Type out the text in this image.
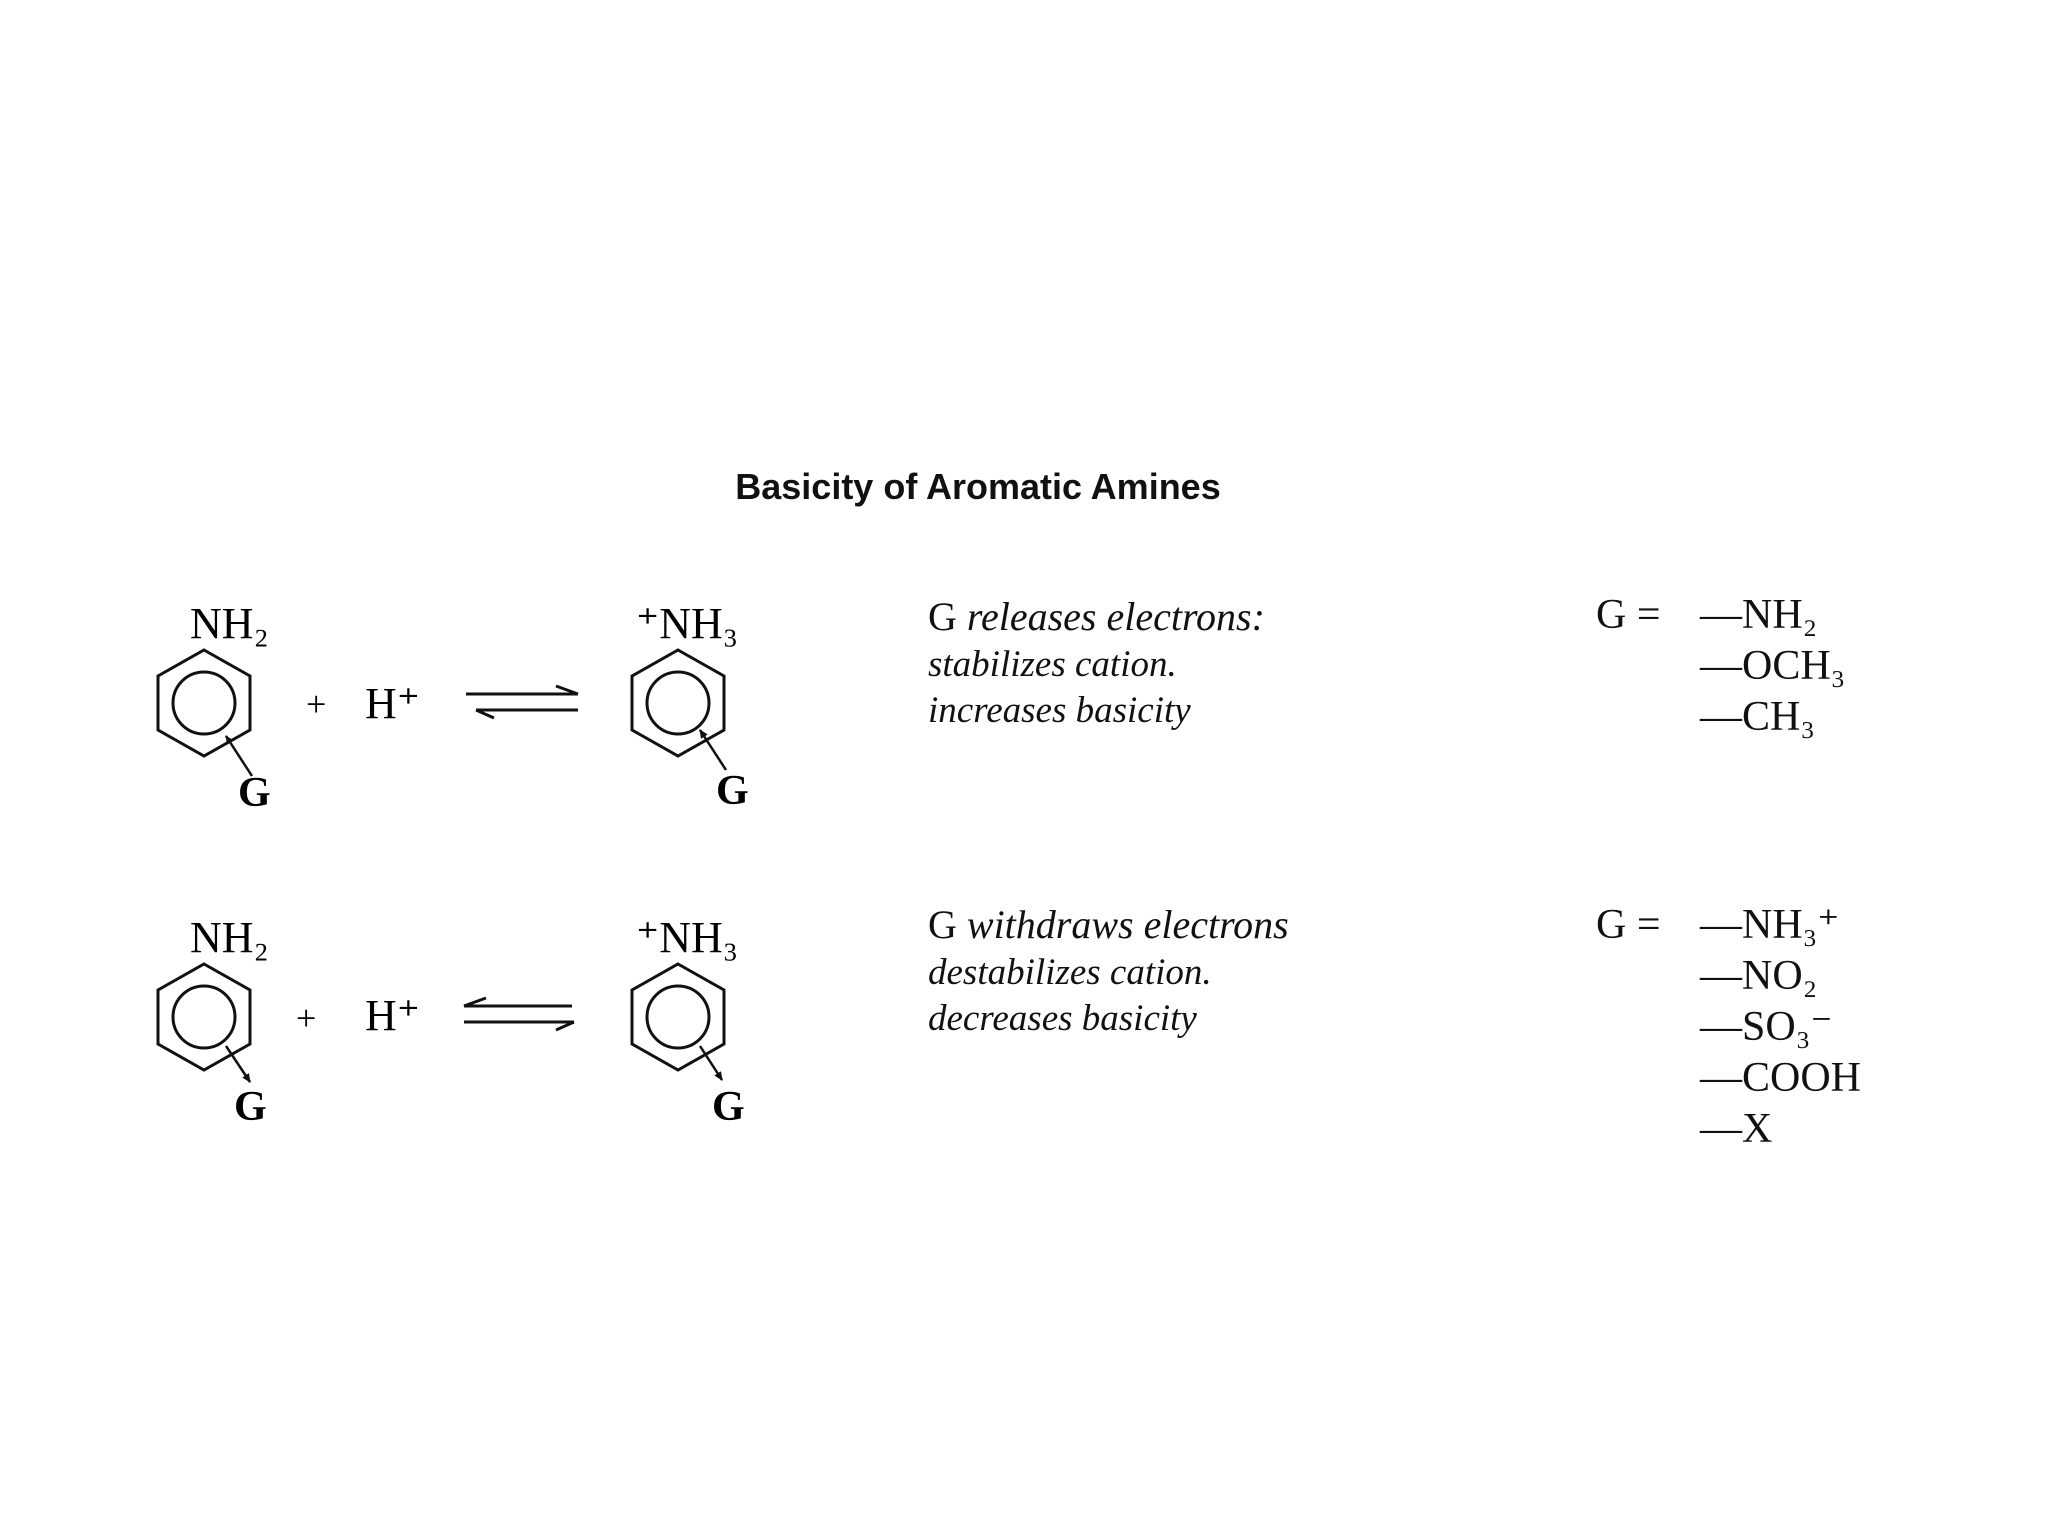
Basicity of Aromatic Amines
NH₂
G
+ H⁺
⁺NH₃
G
NH₂
G
+ H⁺
⁺NH₃
G
G releases electrons:
stabilizes cation.
increases basicity
G withdraws electrons
destabilizes cation.
decreases basicity
G = —NH₂
—OCH₃
—CH₃
G = —NH₃⁺
—NO₂
—SO₃⁻
—COOH
—X
